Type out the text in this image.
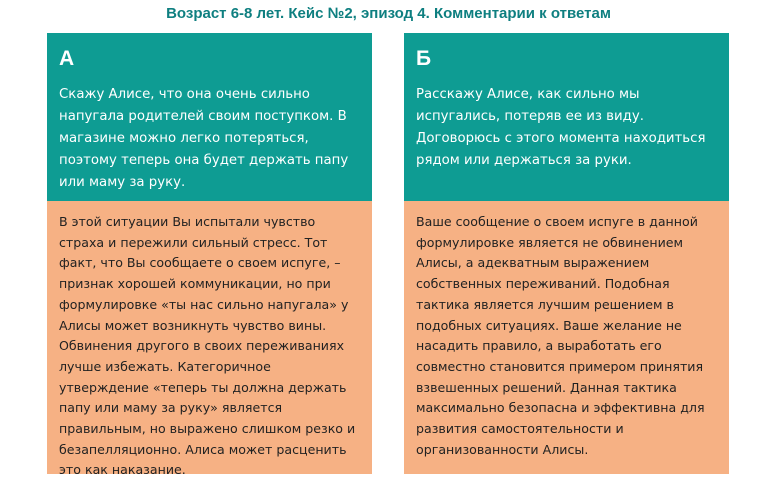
Возраст 6-8 лет. Кейс №2, эпизод 4. Комментарии к ответам
А

Скажу Алисе, что она очень сильно напугала родителей своим поступком. В магазине можно легко потеряться, поэтому теперь она будет держать папу или маму за руку.

В этой ситуации Вы испытали чувство страха и пережили сильный стресс. Тот факт, что Вы сообщаете о своем испуге, – признак хорошей коммуникации, но при формулировке «ты нас сильно напугала» у Алисы может возникнуть чувство вины. Обвинения другого в своих переживаниях лучше избежать. Категоричное утверждение «теперь ты должна держать папу или маму за руку» является правильным, но выражено слишком резко и безапелляционно. Алиса может расценить это как наказание.

Б

Расскажу Алисе, как сильно мы испугались, потеряв ее из виду. Договорюсь с этого момента находиться рядом или держаться за руки.

Ваше сообщение о своем испуге в данной формулировке является не обвинением Алисы, а адекватным выражением собственных переживаний. Подобная тактика является лучшим решением в подобных ситуациях. Ваше желание не насадить правило, а выработать его совместно становится примером принятия взвешенных решений. Данная тактика максимально безопасна и эффективна для развития самостоятельности и организованности Алисы.
